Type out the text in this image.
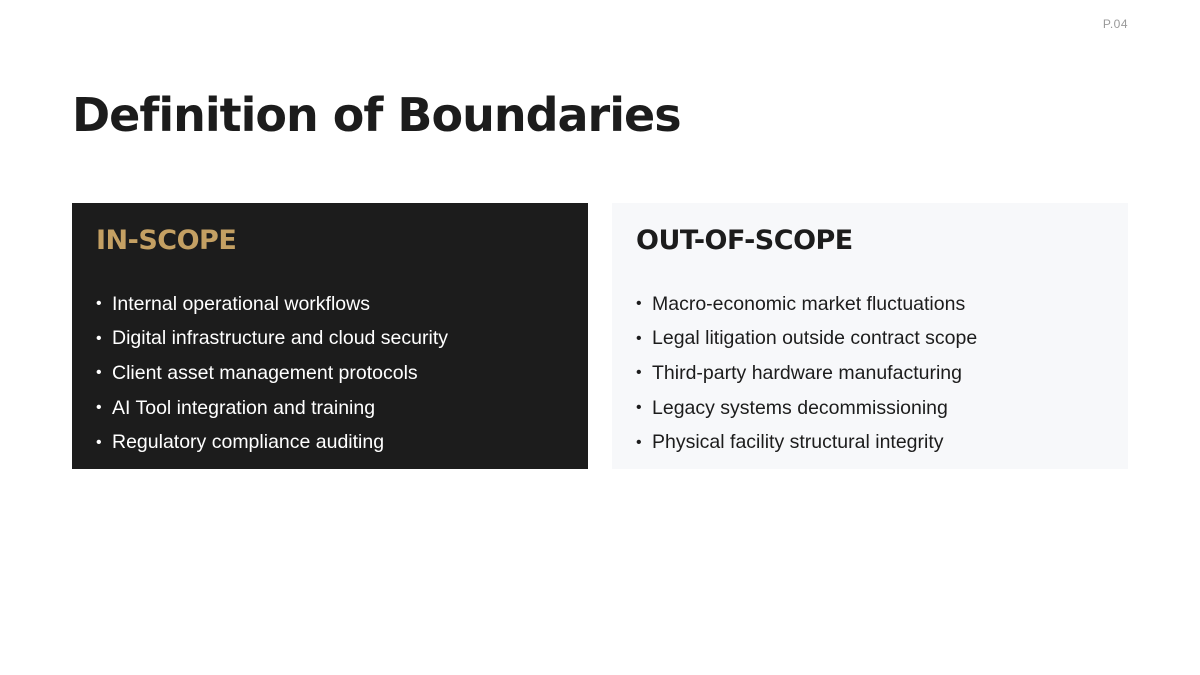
P.04
Definition of Boundaries
IN-SCOPE
• Internal operational workflows
• Digital infrastructure and cloud security
• Client asset management protocols
• AI Tool integration and training
• Regulatory compliance auditing
OUT-OF-SCOPE
• Macro-economic market fluctuations
• Legal litigation outside contract scope
• Third-party hardware manufacturing
• Legacy systems decommissioning
• Physical facility structural integrity
